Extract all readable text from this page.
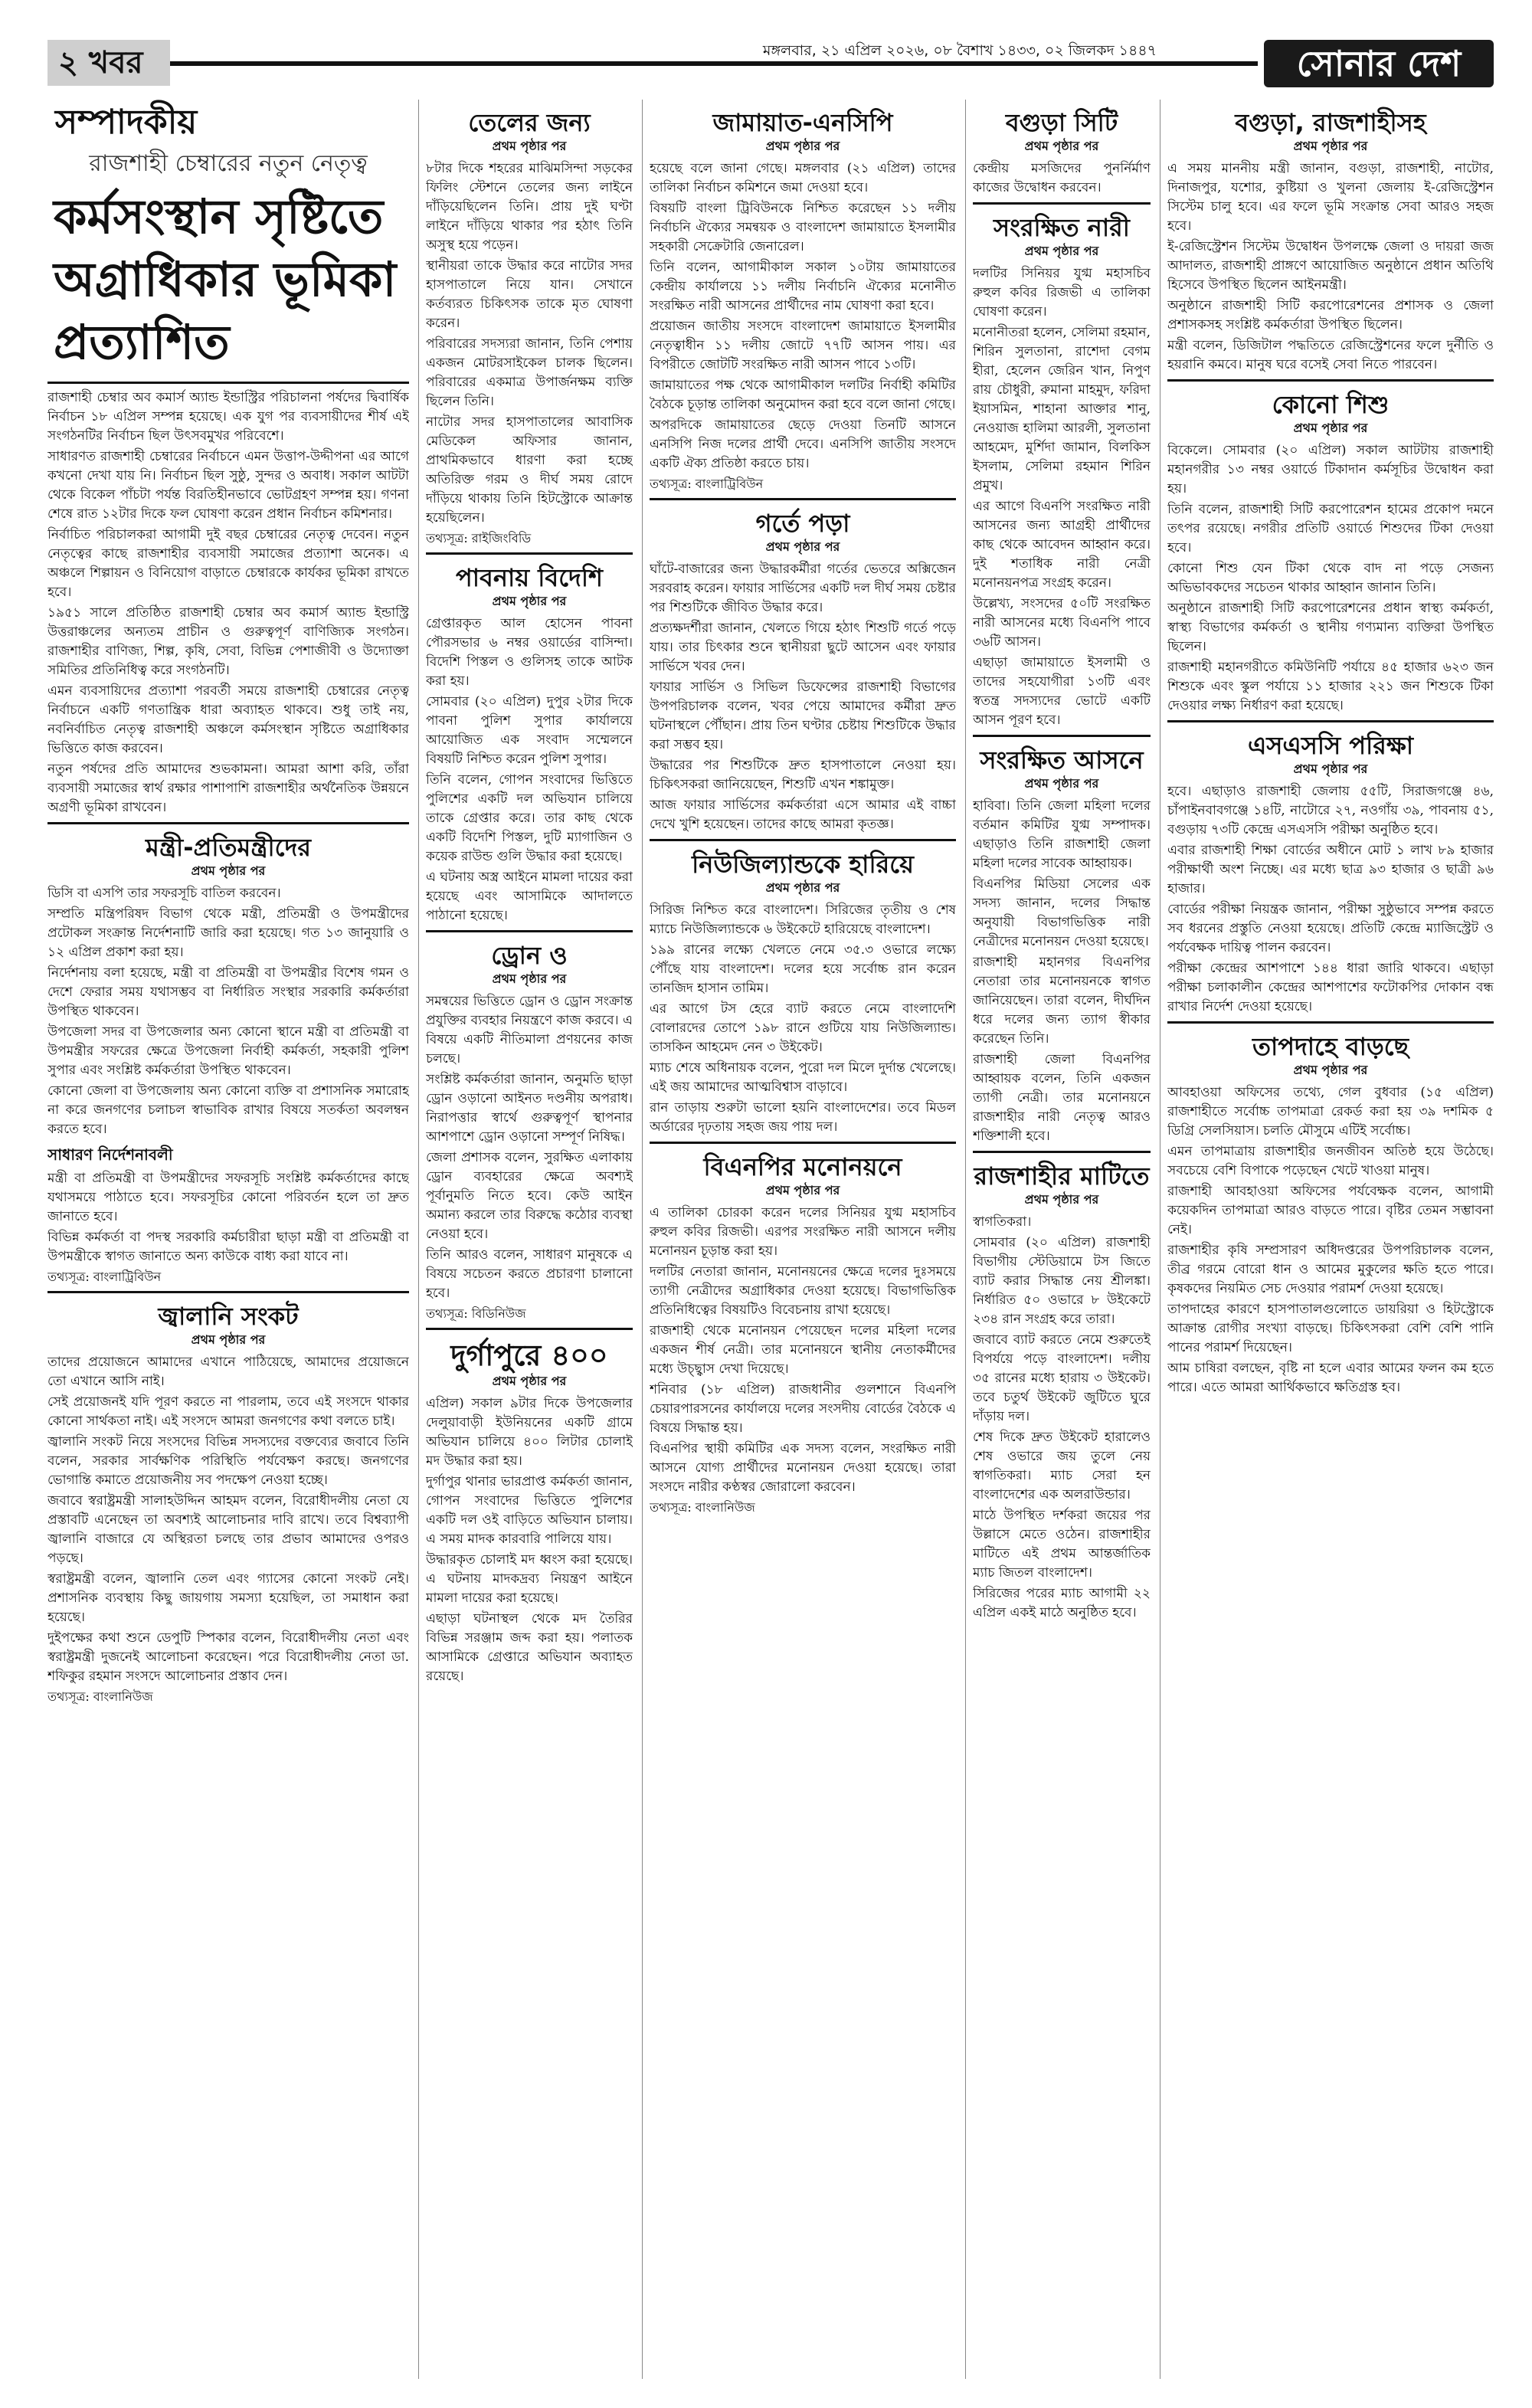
২ খবর	মঙ্গলবার, ২১ এপ্রিল ২০২৬, ০৮ বৈশাখ ১৪৩৩, ০২ জিলকদ ১৪৪৭	সোনার দেশ
সম্পাদকীয়
রাজশাহী চেম্বারের নতুন নেতৃত্ব
কর্মসংস্থান সৃষ্টিতে অগ্রাধিকার ভূমিকা প্রত্যাশিত

রাজশাহী চেম্বার অব কমার্স অ্যান্ড ইন্ডাস্ট্রির পরিচালনা পর্ষদের দ্বিবার্ষিক নির্বাচন ১৮ এপ্রিল সম্পন্ন হয়েছে। এক যুগ পর ব্যবসায়ীদের শীর্ষ এই সংগঠনটির নির্বাচন ছিল উৎসবমুখর পরিবেশে।

সাধারণত রাজশাহী চেম্বারের নির্বাচনে এমন উত্তাপ-উদ্দীপনা এর আগে কখনো দেখা যায় নি। নির্বাচন ছিল সুষ্ঠু, সুন্দর ও অবাধ। সকাল আটটা থেকে বিকেল পাঁচটা পর্যন্ত বিরতিহীনভাবে ভোটগ্রহণ সম্পন্ন হয়। গণনা শেষে রাত ১২টার দিকে ফল ঘোষণা করেন প্রধান নির্বাচন কমিশনার।

নির্বাচিত পরিচালকরা আগামী দুই বছর চেম্বারের নেতৃত্ব দেবেন। নতুন নেতৃত্বের কাছে রাজশাহীর ব্যবসায়ী সমাজের প্রত্যাশা অনেক। এ অঞ্চলে শিল্পায়ন ও বিনিয়োগ বাড়াতে চেম্বারকে কার্যকর ভূমিকা রাখতে হবে।

১৯৫১ সালে প্রতিষ্ঠিত রাজশাহী চেম্বার অব কমার্স অ্যান্ড ইন্ডাস্ট্রি উত্তরাঞ্চলের অন্যতম প্রাচীন ও গুরুত্বপূর্ণ বাণিজ্যিক সংগঠন। রাজশাহীর বাণিজ্য, শিল্প, কৃষি, সেবা, বিভিন্ন পেশাজীবী ও উদ্যোক্তা সমিতির প্রতিনিধিত্ব করে সংগঠনটি।

এমন ব্যবসায়িদের প্রত্যাশা পরবর্তী সময়ে রাজশাহী চেম্বারের নেতৃত্ব নির্বাচনে একটি গণতান্ত্রিক ধারা অব্যাহত থাকবে। শুধু তাই নয়, নবনির্বাচিত নেতৃত্ব রাজশাহী অঞ্চলে কর্মসংস্থান সৃষ্টিতে অগ্রাধিকার ভিত্তিতে কাজ করবেন।

নতুন পর্ষদের প্রতি আমাদের শুভকামনা। আমরা আশা করি, তাঁরা ব্যবসায়ী সমাজের স্বার্থ রক্ষার পাশাপাশি রাজশাহীর অর্থনৈতিক উন্নয়নে অগ্রণী ভূমিকা রাখবেন।

মন্ত্রী-প্রতিমন্ত্রীদের
প্রথম পৃষ্ঠার পর

ডিসি বা এসপি তার সফরসূচি বাতিল করবেন।

সম্প্রতি মন্ত্রিপরিষদ বিভাগ থেকে মন্ত্রী, প্রতিমন্ত্রী ও উপমন্ত্রীদের প্রটোকল সংক্রান্ত নির্দেশনাটি জারি করা হয়েছে। গত ১৩ জানুয়ারি ও ১২ এপ্রিল প্রকাশ করা হয়।

নির্দেশনায় বলা হয়েছে, মন্ত্রী বা প্রতিমন্ত্রী বা উপমন্ত্রীর বিশেষ গমন ও দেশে ফেরার সময় যথাসম্ভব বা নির্ধারিত সংস্থার সরকারি কর্মকর্তারা উপস্থিত থাকবেন।

উপজেলা সদর বা উপজেলার অন্য কোনো স্থানে মন্ত্রী বা প্রতিমন্ত্রী বা উপমন্ত্রীর সফরের ক্ষেত্রে উপজেলা নির্বাহী কর্মকর্তা, সহকারী পুলিশ সুপার এবং সংশ্লিষ্ট কর্মকর্তারা উপস্থিত থাকবেন।

কোনো জেলা বা উপজেলায় অন্য কোনো ব্যক্তি বা প্রশাসনিক সমারোহ না করে জনগণের চলাচল স্বাভাবিক রাখার বিষয়ে সতর্কতা অবলম্বন করতে হবে।

সাধারণ নির্দেশনাবলী

মন্ত্রী বা প্রতিমন্ত্রী বা উপমন্ত্রীদের সফরসূচি সংশ্লিষ্ট কর্মকর্তাদের কাছে যথাসময়ে পাঠাতে হবে। সফরসূচির কোনো পরিবর্তন হলে তা দ্রুত জানাতে হবে।

বিভিন্ন কর্মকর্তা বা পদস্থ সরকারি কর্মচারীরা ছাড়া মন্ত্রী বা প্রতিমন্ত্রী বা উপমন্ত্রীকে স্বাগত জানাতে অন্য কাউকে বাধ্য করা যাবে না।

তথ্যসূত্র: বাংলাট্রিবিউন
জ্বালানি সংকট
প্রথম পৃষ্ঠার পর

তাদের প্রয়োজনে আমাদের এখানে পাঠিয়েছে, আমাদের প্রয়োজনে তো এখানে আসি নাই।

সেই প্রয়োজনই যদি পূরণ করতে না পারলাম, তবে এই সংসদে থাকার কোনো সার্থকতা নাই। এই সংসদে আমরা জনগণের কথা বলতে চাই।

জ্বালানি সংকট নিয়ে সংসদের বিভিন্ন সদস্যদের বক্তব্যের জবাবে তিনি বলেন, সরকার সার্বক্ষণিক পরিস্থিতি পর্যবেক্ষণ করছে। জনগণের ভোগান্তি কমাতে প্রয়োজনীয় সব পদক্ষেপ নেওয়া হচ্ছে।

জবাবে স্বরাষ্ট্রমন্ত্রী সালাহউদ্দিন আহমদ বলেন, বিরোধীদলীয় নেতা যে প্রস্তাবটি এনেছেন তা অবশ্যই আলোচনার দাবি রাখে। তবে বিশ্বব্যাপী জ্বালানি বাজারে যে অস্থিরতা চলছে তার প্রভাব আমাদের ওপরও পড়ছে।

স্বরাষ্ট্রমন্ত্রী বলেন, জ্বালানি তেল এবং গ্যাসের কোনো সংকট নেই। প্রশাসনিক ব্যবস্থায় কিছু জায়গায় সমস্যা হয়েছিল, তা সমাধান করা হয়েছে।

দুইপক্ষের কথা শুনে ডেপুটি স্পিকার বলেন, বিরোধীদলীয় নেতা এবং স্বরাষ্ট্রমন্ত্রী দুজনেই আলোচনা করেছেন। পরে বিরোধীদলীয় নেতা ডা. শফিকুর রহমান সংসদে আলোচনার প্রস্তাব দেন।

তথ্যসূত্র: বাংলানিউজ
তেলের জন্য
প্রথম পৃষ্ঠার পর

৮টার দিকে শহরের মাঝিমসিন্দা সড়কের ফিলিং স্টেশনে তেলের জন্য লাইনে দাঁড়িয়েছিলেন তিনি। প্রায় দুই ঘণ্টা লাইনে দাঁড়িয়ে থাকার পর হঠাৎ তিনি অসুস্থ হয়ে পড়েন।

স্থানীয়রা তাকে উদ্ধার করে নাটোর সদর হাসপাতালে নিয়ে যান। সেখানে কর্তব্যরত চিকিৎসক তাকে মৃত ঘোষণা করেন।

পরিবারের সদস্যরা জানান, তিনি পেশায় একজন মোটরসাইকেল চালক ছিলেন। পরিবারের একমাত্র উপার্জনক্ষম ব্যক্তি ছিলেন তিনি।

নাটোর সদর হাসপাতালের আবাসিক মেডিকেল অফিসার জানান, প্রাথমিকভাবে ধারণা করা হচ্ছে অতিরিক্ত গরম ও দীর্ঘ সময় রোদে দাঁড়িয়ে থাকায় তিনি হিটস্ট্রোকে আক্রান্ত হয়েছিলেন।

তথ্যসূত্র: রাইজিংবিডি
পাবনায় বিদেশি
প্রথম পৃষ্ঠার পর

গ্রেপ্তারকৃত আল হোসেন পাবনা পৌরসভার ৬ নম্বর ওয়ার্ডের বাসিন্দা। বিদেশি পিস্তল ও গুলিসহ তাকে আটক করা হয়।

সোমবার (২০ এপ্রিল) দুপুর ২টার দিকে পাবনা পুলিশ সুপার কার্যালয়ে আয়োজিত এক সংবাদ সম্মেলনে বিষয়টি নিশ্চিত করেন পুলিশ সুপার।

তিনি বলেন, গোপন সংবাদের ভিত্তিতে পুলিশের একটি দল অভিযান চালিয়ে তাকে গ্রেপ্তার করে। তার কাছ থেকে একটি বিদেশি পিস্তল, দুটি ম্যাগাজিন ও কয়েক রাউন্ড গুলি উদ্ধার করা হয়েছে।

এ ঘটনায় অস্ত্র আইনে মামলা দায়ের করা হয়েছে এবং আসামিকে আদালতে পাঠানো হয়েছে।

ড্রোন ও
প্রথম পৃষ্ঠার পর

সমন্বয়ের ভিত্তিতে ড্রোন ও ড্রোন সংক্রান্ত প্রযুক্তির ব্যবহার নিয়ন্ত্রণে কাজ করবে। এ বিষয়ে একটি নীতিমালা প্রণয়নের কাজ চলছে।

সংশ্লিষ্ট কর্মকর্তারা জানান, অনুমতি ছাড়া ড্রোন ওড়ানো আইনত দণ্ডনীয় অপরাধ। নিরাপত্তার স্বার্থে গুরুত্বপূর্ণ স্থাপনার আশপাশে ড্রোন ওড়ানো সম্পূর্ণ নিষিদ্ধ।

জেলা প্রশাসক বলেন, সুরক্ষিত এলাকায় ড্রোন ব্যবহারের ক্ষেত্রে অবশ্যই পূর্বানুমতি নিতে হবে। কেউ আইন অমান্য করলে তার বিরুদ্ধে কঠোর ব্যবস্থা নেওয়া হবে।

তিনি আরও বলেন, সাধারণ মানুষকে এ বিষয়ে সচেতন করতে প্রচারণা চালানো হবে।

তথ্যসূত্র: বিডিনিউজ
দুর্গাপুরে ৪০০
প্রথম পৃষ্ঠার পর

এপ্রিল) সকাল ৯টার দিকে উপজেলার দেলুয়াবাড়ী ইউনিয়নের একটি গ্রামে অভিযান চালিয়ে ৪০০ লিটার চোলাই মদ উদ্ধার করা হয়।

দুর্গাপুর থানার ভারপ্রাপ্ত কর্মকর্তা জানান, গোপন সংবাদের ভিত্তিতে পুলিশের একটি দল ওই বাড়িতে অভিযান চালায়। এ সময় মাদক কারবারি পালিয়ে যায়।

উদ্ধারকৃত চোলাই মদ ধ্বংস করা হয়েছে। এ ঘটনায় মাদকদ্রব্য নিয়ন্ত্রণ আইনে মামলা দায়ের করা হয়েছে।

এছাড়া ঘটনাস্থল থেকে মদ তৈরির বিভিন্ন সরঞ্জাম জব্দ করা হয়। পলাতক আসামিকে গ্রেপ্তারে অভিযান অব্যাহত রয়েছে।

জামায়াত-এনসিপি
প্রথম পৃষ্ঠার পর

হয়েছে বলে জানা গেছে। মঙ্গলবার (২১ এপ্রিল) তাদের তালিকা নির্বাচন কমিশনে জমা দেওয়া হবে।

বিষয়টি বাংলা ট্রিবিউনকে নিশ্চিত করেছেন ১১ দলীয় নির্বাচনি ঐক্যের সমন্বয়ক ও বাংলাদেশ জামায়াতে ইসলামীর সহকারী সেক্রেটারি জেনারেল।

তিনি বলেন, আগামীকাল সকাল ১০টায় জামায়াতের কেন্দ্রীয় কার্যালয়ে ১১ দলীয় নির্বাচনি ঐক্যের মনোনীত সংরক্ষিত নারী আসনের প্রার্থীদের নাম ঘোষণা করা হবে।

প্রয়োজন জাতীয় সংসদে বাংলাদেশ জামায়াতে ইসলামীর নেতৃত্বাধীন ১১ দলীয় জোটে ৭৭টি আসন পায়। এর বিপরীতে জোটটি সংরক্ষিত নারী আসন পাবে ১৩টি।

জামায়াতের পক্ষ থেকে আগামীকাল দলটির নির্বাহী কমিটির বৈঠকে চূড়ান্ত তালিকা অনুমোদন করা হবে বলে জানা গেছে।

অপরদিকে জামায়াতের ছেড়ে দেওয়া তিনটি আসনে এনসিপি নিজ দলের প্রার্থী দেবে। এনসিপি জাতীয় সংসদে একটি ঐক্য প্রতিষ্ঠা করতে চায়।

তথ্যসূত্র: বাংলাট্রিবিউন
গর্তে পড়া
প্রথম পৃষ্ঠার পর

ঘাঁটে-বাজারের জন্য উদ্ধারকর্মীরা গর্তের ভেতরে অক্সিজেন সরবরাহ করেন। ফায়ার সার্ভিসের একটি দল দীর্ঘ সময় চেষ্টার পর শিশুটিকে জীবিত উদ্ধার করে।

প্রত্যক্ষদর্শীরা জানান, খেলতে গিয়ে হঠাৎ শিশুটি গর্তে পড়ে যায়। তার চিৎকার শুনে স্থানীয়রা ছুটে আসেন এবং ফায়ার সার্ভিসে খবর দেন।

ফায়ার সার্ভিস ও সিভিল ডিফেন্সের রাজশাহী বিভাগের উপপরিচালক বলেন, খবর পেয়ে আমাদের কর্মীরা দ্রুত ঘটনাস্থলে পৌঁছান। প্রায় তিন ঘণ্টার চেষ্টায় শিশুটিকে উদ্ধার করা সম্ভব হয়।

উদ্ধারের পর শিশুটিকে দ্রুত হাসপাতালে নেওয়া হয়। চিকিৎসকরা জানিয়েছেন, শিশুটি এখন শঙ্কামুক্ত।

আজ ফায়ার সার্ভিসের কর্মকর্তারা এসে আমার এই বাচ্চা দেখে খুশি হয়েছেন। তাদের কাছে আমরা কৃতজ্ঞ।

নিউজিল্যান্ডকে হারিয়ে
প্রথম পৃষ্ঠার পর

সিরিজ নিশ্চিত করে বাংলাদেশ। সিরিজের তৃতীয় ও শেষ ম্যাচে নিউজিল্যান্ডকে ৬ উইকেটে হারিয়েছে বাংলাদেশ।

১৯৯ রানের লক্ষ্যে খেলতে নেমে ৩৫.৩ ওভারে লক্ষ্যে পৌঁছে যায় বাংলাদেশ। দলের হয়ে সর্বোচ্চ রান করেন তানজিদ হাসান তামিম।

এর আগে টস হেরে ব্যাট করতে নেমে বাংলাদেশি বোলারদের তোপে ১৯৮ রানে গুটিয়ে যায় নিউজিল্যান্ড। তাসকিন আহমেদ নেন ৩ উইকেট।

ম্যাচ শেষে অধিনায়ক বলেন, পুরো দল মিলে দুর্দান্ত খেলেছে। এই জয় আমাদের আত্মবিশ্বাস বাড়াবে।

রান তাড়ায় শুরুটা ভালো হয়নি বাংলাদেশের। তবে মিডল অর্ডারের দৃঢ়তায় সহজ জয় পায় দল।

বিএনপির মনোনয়নে
প্রথম পৃষ্ঠার পর

এ তালিকা চোরকা করেন দলের সিনিয়র যুগ্ম মহাসচিব রুহুল কবির রিজভী। এরপর সংরক্ষিত নারী আসনে দলীয় মনোনয়ন চূড়ান্ত করা হয়।

দলটির নেতারা জানান, মনোনয়নের ক্ষেত্রে দলের দুঃসময়ে ত্যাগী নেত্রীদের অগ্রাধিকার দেওয়া হয়েছে। বিভাগভিত্তিক প্রতিনিধিত্বের বিষয়টিও বিবেচনায় রাখা হয়েছে।

রাজশাহী থেকে মনোনয়ন পেয়েছেন দলের মহিলা দলের একজন শীর্ষ নেত্রী। তার মনোনয়নে স্থানীয় নেতাকর্মীদের মধ্যে উচ্ছ্বাস দেখা দিয়েছে।

শনিবার (১৮ এপ্রিল) রাজধানীর গুলশানে বিএনপি চেয়ারপারসনের কার্যালয়ে দলের সংসদীয় বোর্ডের বৈঠকে এ বিষয়ে সিদ্ধান্ত হয়।

বিএনপির স্থায়ী কমিটির এক সদস্য বলেন, সংরক্ষিত নারী আসনে যোগ্য প্রার্থীদের মনোনয়ন দেওয়া হয়েছে। তারা সংসদে নারীর কণ্ঠস্বর জোরালো করবেন।

তথ্যসূত্র: বাংলানিউজ
বগুড়া সিটি
প্রথম পৃষ্ঠার পর

কেন্দ্রীয় মসজিদের পুনর্নির্মাণ কাজের উদ্বোধন করবেন।

সংরক্ষিত নারী
প্রথম পৃষ্ঠার পর

দলটির সিনিয়র যুগ্ম মহাসচিব রুহুল কবির রিজভী এ তালিকা ঘোষণা করেন।

মনোনীতরা হলেন, সেলিমা রহমান, শিরিন সুলতানা, রাশেদা বেগম হীরা, হেলেন জেরিন খান, নিপুণ রায় চৌধুরী, রুমানা মাহমুদ, ফরিদা ইয়াসমিন, শাহানা আক্তার শানু, নেওয়াজ হালিমা আরলী, সুলতানা আহমেদ, মুর্শিদা জামান, বিলকিস ইসলাম, সেলিমা রহমান শিরিন প্রমুখ।

এর আগে বিএনপি সংরক্ষিত নারী আসনের জন্য আগ্রহী প্রার্থীদের কাছ থেকে আবেদন আহ্বান করে। দুই শতাধিক নারী নেত্রী মনোনয়নপত্র সংগ্রহ করেন।

উল্লেখ্য, সংসদের ৫০টি সংরক্ষিত নারী আসনের মধ্যে বিএনপি পাবে ৩৬টি আসন।

এছাড়া জামায়াতে ইসলামী ও তাদের সহযোগীরা ১৩টি এবং স্বতন্ত্র সদস্যদের ভোটে একটি আসন পূরণ হবে।

সংরক্ষিত আসনে
প্রথম পৃষ্ঠার পর

হাবিবা। তিনি জেলা মহিলা দলের বর্তমান কমিটির যুগ্ম সম্পাদক। এছাড়াও তিনি রাজশাহী জেলা মহিলা দলের সাবেক আহ্বায়ক।

বিএনপির মিডিয়া সেলের এক সদস্য জানান, দলের সিদ্ধান্ত অনুযায়ী বিভাগভিত্তিক নারী নেত্রীদের মনোনয়ন দেওয়া হয়েছে।

রাজশাহী মহানগর বিএনপির নেতারা তার মনোনয়নকে স্বাগত জানিয়েছেন। তারা বলেন, দীর্ঘদিন ধরে দলের জন্য ত্যাগ স্বীকার করেছেন তিনি।

রাজশাহী জেলা বিএনপির আহ্বায়ক বলেন, তিনি একজন ত্যাগী নেত্রী। তার মনোনয়নে রাজশাহীর নারী নেতৃত্ব আরও শক্তিশালী হবে।

রাজশাহীর মাটিতে
প্রথম পৃষ্ঠার পর

স্বাগতিকরা।

সোমবার (২০ এপ্রিল) রাজশাহী বিভাগীয় স্টেডিয়ামে টস জিতে ব্যাট করার সিদ্ধান্ত নেয় শ্রীলঙ্কা। নির্ধারিত ৫০ ওভারে ৮ উইকেটে ২৩৪ রান সংগ্রহ করে তারা।

জবাবে ব্যাট করতে নেমে শুরুতেই বিপর্যয়ে পড়ে বাংলাদেশ। দলীয় ৩৫ রানের মধ্যে হারায় ৩ উইকেট। তবে চতুর্থ উইকেট জুটিতে ঘুরে দাঁড়ায় দল।

শেষ দিকে দ্রুত উইকেট হারালেও শেষ ওভারে জয় তুলে নেয় স্বাগতিকরা। ম্যাচ সেরা হন বাংলাদেশের এক অলরাউন্ডার।

মাঠে উপস্থিত দর্শকরা জয়ের পর উল্লাসে মেতে ওঠেন। রাজশাহীর মাটিতে এই প্রথম আন্তর্জাতিক ম্যাচ জিতল বাংলাদেশ।

সিরিজের পরের ম্যাচ আগামী ২২ এপ্রিল একই মাঠে অনুষ্ঠিত হবে।

বগুড়া, রাজশাহীসহ
প্রথম পৃষ্ঠার পর

এ সময় মাননীয় মন্ত্রী জানান, বগুড়া, রাজশাহী, নাটোর, দিনাজপুর, যশোর, কুষ্টিয়া ও খুলনা জেলায় ই-রেজিস্ট্রেশন সিস্টেম চালু হবে। এর ফলে ভূমি সংক্রান্ত সেবা আরও সহজ হবে।

ই-রেজিস্ট্রেশন সিস্টেম উদ্বোধন উপলক্ষে জেলা ও দায়রা জজ আদালত, রাজশাহী প্রাঙ্গণে আয়োজিত অনুষ্ঠানে প্রধান অতিথি হিসেবে উপস্থিত ছিলেন আইনমন্ত্রী।

অনুষ্ঠানে রাজশাহী সিটি করপোরেশনের প্রশাসক ও জেলা প্রশাসকসহ সংশ্লিষ্ট কর্মকর্তারা উপস্থিত ছিলেন।

মন্ত্রী বলেন, ডিজিটাল পদ্ধতিতে রেজিস্ট্রেশনের ফলে দুর্নীতি ও হয়রানি কমবে। মানুষ ঘরে বসেই সেবা নিতে পারবেন।

কোনো শিশু
প্রথম পৃষ্ঠার পর

বিকেলে। সোমবার (২০ এপ্রিল) সকাল আটটায় রাজশাহী মহানগরীর ১৩ নম্বর ওয়ার্ডে টিকাদান কর্মসূচির উদ্বোধন করা হয়।

তিনি বলেন, রাজশাহী সিটি করপোরেশন হামের প্রকোপ দমনে তৎপর রয়েছে। নগরীর প্রতিটি ওয়ার্ডে শিশুদের টিকা দেওয়া হবে।

কোনো শিশু যেন টিকা থেকে বাদ না পড়ে সেজন্য অভিভাবকদের সচেতন থাকার আহ্বান জানান তিনি।

অনুষ্ঠানে রাজশাহী সিটি করপোরেশনের প্রধান স্বাস্থ্য কর্মকর্তা, স্বাস্থ্য বিভাগের কর্মকর্তা ও স্থানীয় গণ্যমান্য ব্যক্তিরা উপস্থিত ছিলেন।

রাজশাহী মহানগরীতে কমিউনিটি পর্যায়ে ৪৫ হাজার ৬২৩ জন শিশুকে এবং স্কুল পর্যায়ে ১১ হাজার ২২১ জন শিশুকে টিকা দেওয়ার লক্ষ্য নির্ধারণ করা হয়েছে।

এসএসসি পরিক্ষা
প্রথম পৃষ্ঠার পর

হবে। এছাড়াও রাজশাহী জেলায় ৫৫টি, সিরাজগঞ্জে ৪৬, চাঁপাইনবাবগঞ্জে ১৪টি, নাটোরে ২৭, নওগাঁয় ৩৯, পাবনায় ৫১, বগুড়ায় ৭৩টি কেন্দ্রে এসএসসি পরীক্ষা অনুষ্ঠিত হবে।

এবার রাজশাহী শিক্ষা বোর্ডের অধীনে মোট ১ লাখ ৮৯ হাজার পরীক্ষার্থী অংশ নিচ্ছে। এর মধ্যে ছাত্র ৯৩ হাজার ও ছাত্রী ৯৬ হাজার।

বোর্ডের পরীক্ষা নিয়ন্ত্রক জানান, পরীক্ষা সুষ্ঠুভাবে সম্পন্ন করতে সব ধরনের প্রস্তুতি নেওয়া হয়েছে। প্রতিটি কেন্দ্রে ম্যাজিস্ট্রেট ও পর্যবেক্ষক দায়িত্ব পালন করবেন।

পরীক্ষা কেন্দ্রের আশপাশে ১৪৪ ধারা জারি থাকবে। এছাড়া পরীক্ষা চলাকালীন কেন্দ্রের আশপাশের ফটোকপির দোকান বন্ধ রাখার নির্দেশ দেওয়া হয়েছে।

তাপদাহে বাড়ছে
প্রথম পৃষ্ঠার পর

আবহাওয়া অফিসের তথ্যে, গেল বুধবার (১৫ এপ্রিল) রাজশাহীতে সর্বোচ্চ তাপমাত্রা রেকর্ড করা হয় ৩৯ দশমিক ৫ ডিগ্রি সেলসিয়াস। চলতি মৌসুমে এটিই সর্বোচ্চ।

এমন তাপমাত্রায় রাজশাহীর জনজীবন অতিষ্ঠ হয়ে উঠেছে। সবচেয়ে বেশি বিপাকে পড়েছেন খেটে খাওয়া মানুষ।

রাজশাহী আবহাওয়া অফিসের পর্যবেক্ষক বলেন, আগামী কয়েকদিন তাপমাত্রা আরও বাড়তে পারে। বৃষ্টির তেমন সম্ভাবনা নেই।

রাজশাহীর কৃষি সম্প্রসারণ অধিদপ্তরের উপপরিচালক বলেন, তীব্র গরমে বোরো ধান ও আমের মুকুলের ক্ষতি হতে পারে। কৃষকদের নিয়মিত সেচ দেওয়ার পরামর্শ দেওয়া হয়েছে।

তাপদাহের কারণে হাসপাতালগুলোতে ডায়রিয়া ও হিটস্ট্রোকে আক্রান্ত রোগীর সংখ্যা বাড়ছে। চিকিৎসকরা বেশি বেশি পানি পানের পরামর্শ দিয়েছেন।

আম চাষিরা বলছেন, বৃষ্টি না হলে এবার আমের ফলন কম হতে পারে। এতে আমরা আর্থিকভাবে ক্ষতিগ্রস্ত হব।
